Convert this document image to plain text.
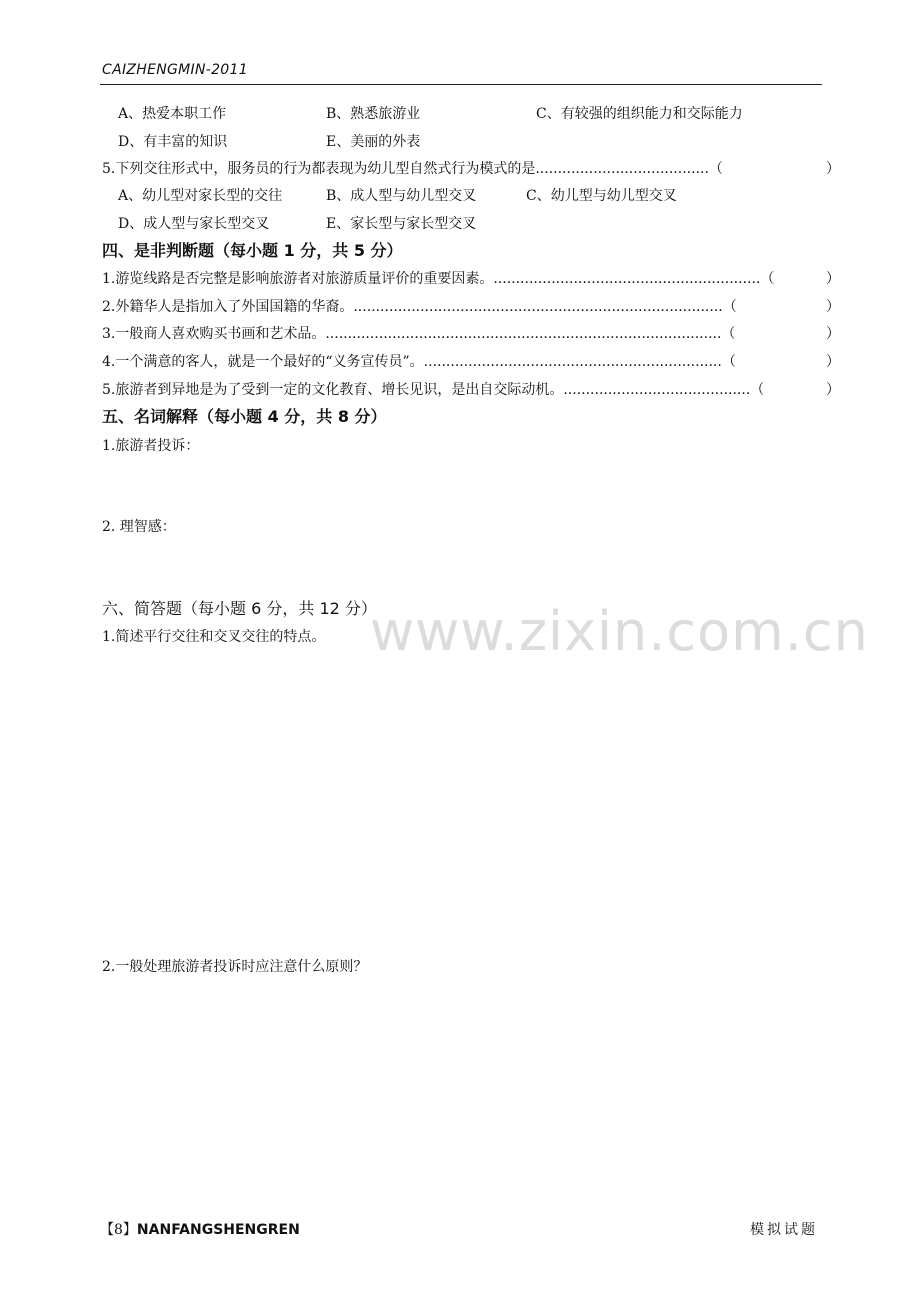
CAIZHENGMIN-2011
A、热爱本职工作	B、熟悉旅游业	C、有较强的组织能力和交际能力
D、有丰富的知识	E、美丽的外表
5.下列交往形式中，服务员的行为都表现为幼儿型自然式行为模式的是.......................................（	）
A、幼儿型对家长型的交往	B、成人型与幼儿型交叉	C、幼儿型与幼儿型交叉
D、成人型与家长型交叉	E、家长型与家长型交叉
四、是非判断题（每小题 1 分，共 5 分）
1.游览线路是否完整是影响旅游者对旅游质量评价的重要因素。............................................................（	）
2.外籍华人是指加入了外国国籍的华裔。...................................................................................（	）
3.一般商人喜欢购买书画和艺术品。.........................................................................................（	）
4.一个满意的客人，就是一个最好的“义务宣传员”。...................................................................（	）
5.旅游者到异地是为了受到一定的文化教育、增长见识，是出自交际动机。..........................................（	）
五、名词解释（每小题 4 分，共 8 分）
1.旅游者投诉：
2. 理智感：
www.zixin.com.cn
六、简答题（每小题 6 分，共 12 分）
1.简述平行交往和交叉交往的特点。
2.一般处理旅游者投诉时应注意什么原则？
【8】NANFANGSHENGREN	模拟试题
